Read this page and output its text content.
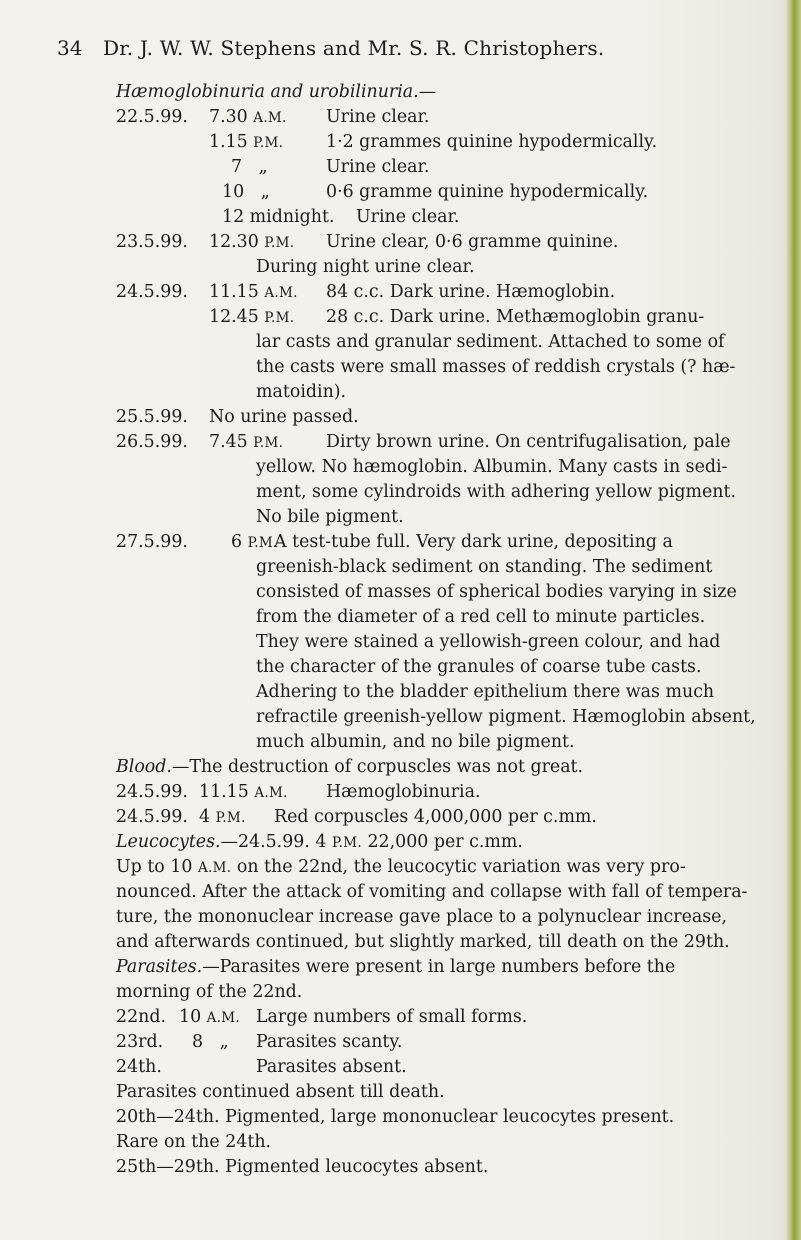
34 Dr. J. W. W. Stephens and Mr. S. R. Christophers.
Hæmoglobinuria and urobilinuria.—
22.5.99. 7.30 A.M. Urine clear.
1.15 P.M. 1·2 grammes quinine hypodermically.
7 „	Urine clear.
10 „	0·6 gramme quinine hypodermically.
12 midnight. Urine clear.
23.5.99. 12.30 P.M. Urine clear, 0·6 gramme quinine.
During night urine clear.
24.5.99. 11.15 A.M. 84 c.c. Dark urine. Hæmoglobin.
12.45 P.M. 28 c.c. Dark urine. Methæmoglobin granu-
lar casts and granular sediment. Attached to some of
the casts were small masses of reddish crystals (? hæ-
matoidin).
25.5.99. No urine passed.
26.5.99. 7.45 P.M. Dirty brown urine. On centrifugalisation, pale
yellow. No hæmoglobin. Albumin. Many casts in sedi-
ment, some cylindroids with adhering yellow pigment.
No bile pigment.
27.5.99. 6 P.M.
A test-tube full. Very dark urine, depositing a
greenish-black sediment on standing. The sediment
consisted of masses of spherical bodies varying in size
from the diameter of a red cell to minute particles.
They were stained a yellowish-green colour, and had
the character of the granules of coarse tube casts.
Adhering to the bladder epithelium there was much
refractile greenish-yellow pigment. Hæmoglobin absent,
much albumin, and no bile pigment.
Blood.—The destruction of corpuscles was not great.
24.5.99. 11.15 A.M. Hæmoglobinuria.
24.5.99. 4 P.M. Red corpuscles 4,000,000 per c.mm.
Leucocytes.—24.5.99. 4 P.M. 22,000 per c.mm.
Up to 10 A.M. on the 22nd, the leucocytic variation was very pro-
nounced. After the attack of vomiting and collapse with fall of tempera-
ture, the mononuclear increase gave place to a polynuclear increase,
and afterwards continued, but slightly marked, till death on the 29th.
Parasites.—Parasites were present in large numbers before the
morning of the 22nd.
22nd. 10 A.M. Large numbers of small forms.
23rd. 8 „ Parasites scanty.
24th.	Parasites absent.
Parasites continued absent till death.
20th—24th. Pigmented, large mononuclear leucocytes present.
Rare on the 24th.
25th—29th. Pigmented leucocytes absent.
